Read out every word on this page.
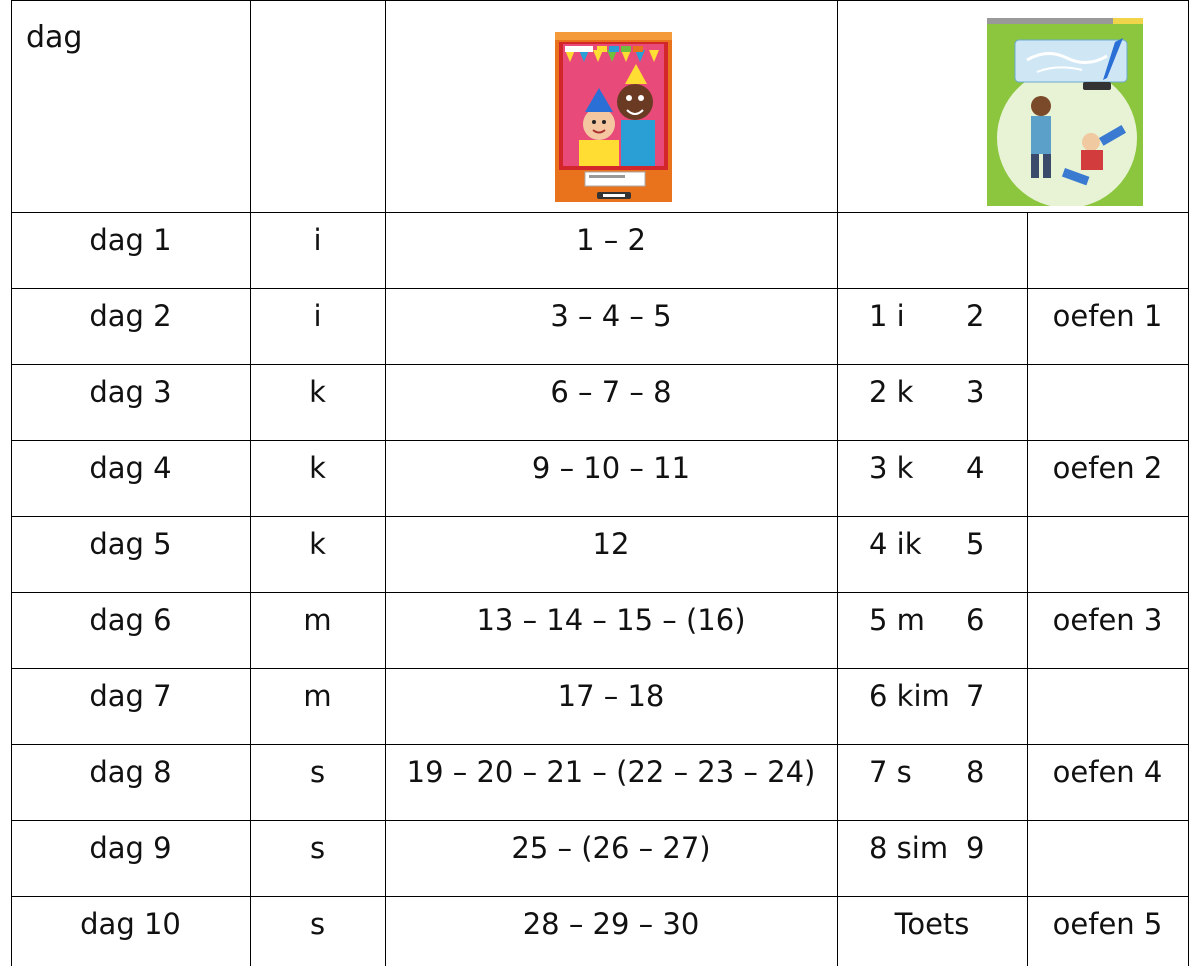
dag
dag 1	i	1 – 2
dag 2	i	3 – 4 – 5	1 i 2	oefen 1
dag 3	k	6 – 7 – 8	2 k 3
dag 4	k	9 – 10 – 11	3 k 4	oefen 2
dag 5	k	12	4 ik 5
dag 6	m	13 – 14 – 15 – (16)	5 m 6	oefen 3
dag 7	m	17 – 18	6 kim 7
dag 8	s	19 – 20 – 21 – (22 – 23 – 24)	7 s 8	oefen 4
dag 9	s	25 – (26 – 27)	8 sim 9
dag 10	s	28 – 29 – 30	Toets	oefen 5
